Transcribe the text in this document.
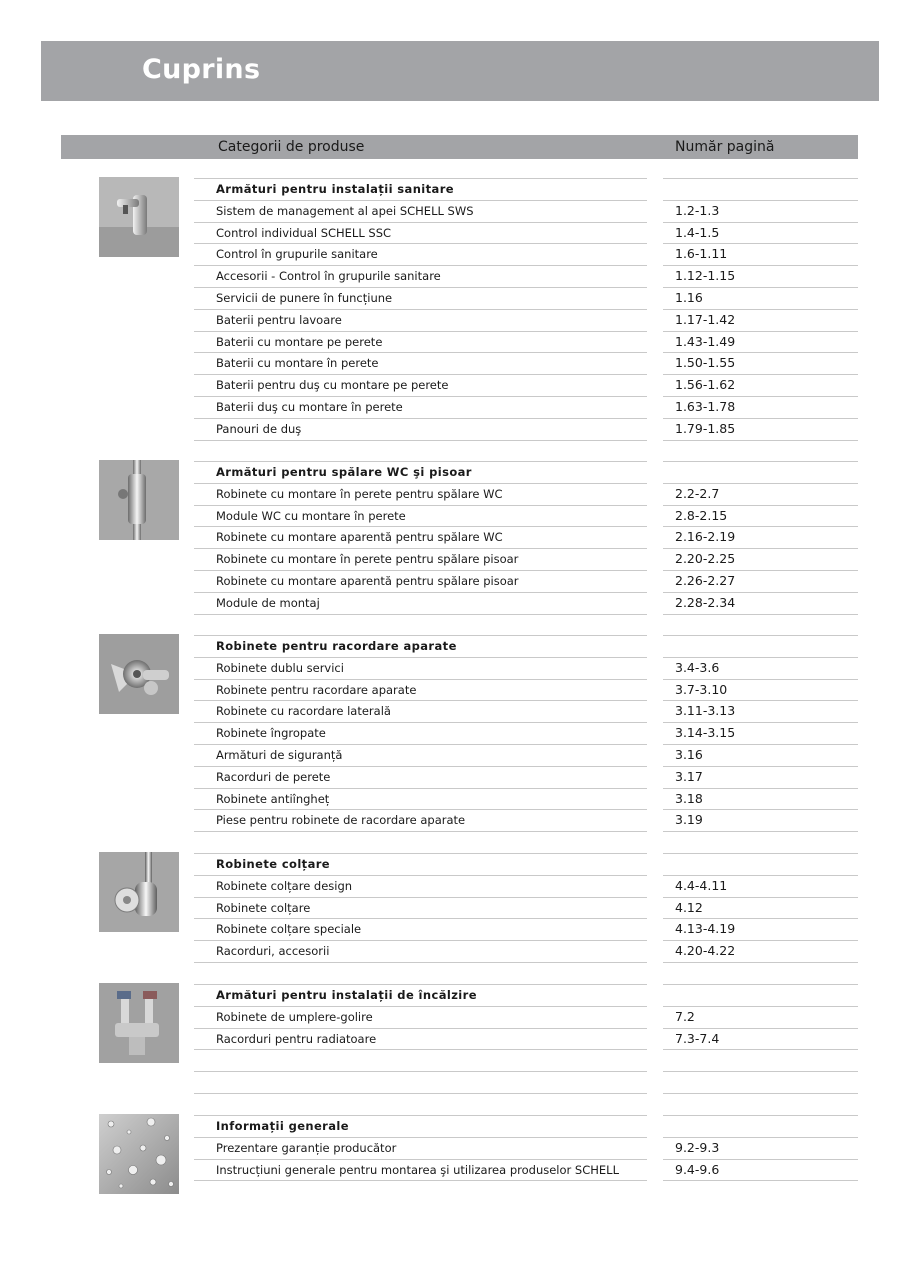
Cuprins
Categorii de produse	Număr pagină
Armături pentru instalații sanitare
Sistem de management al apei SCHELL SWS	1.2-1.3
Control individual SCHELL SSC	1.4-1.5
Control în grupurile sanitare	1.6-1.11
Accesorii - Control în grupurile sanitare	1.12-1.15
Servicii de punere în funcțiune	1.16
Baterii pentru lavoare	1.17-1.42
Baterii cu montare pe perete	1.43-1.49
Baterii cu montare în perete	1.50-1.55
Baterii pentru duş cu montare pe perete	1.56-1.62
Baterii duş cu montare în perete	1.63-1.78
Panouri de duş	1.79-1.85
Armături pentru spălare WC şi pisoar
Robinete cu montare în perete pentru spălare WC	2.2-2.7
Module WC cu montare în perete	2.8-2.15
Robinete cu montare aparentă pentru spălare WC	2.16-2.19
Robinete cu montare în perete pentru spălare pisoar	2.20-2.25
Robinete cu montare aparentă pentru spălare pisoar	2.26-2.27
Module de montaj	2.28-2.34
Robinete pentru racordare aparate
Robinete dublu servici	3.4-3.6
Robinete pentru racordare aparate	3.7-3.10
Robinete cu racordare laterală	3.11-3.13
Robinete îngropate	3.14-3.15
Armături de siguranță	3.16
Racorduri de perete	3.17
Robinete antiîngheț	3.18
Piese pentru robinete de racordare aparate	3.19
Robinete colțare
Robinete colțare design	4.4-4.11
Robinete colțare	4.12
Robinete colțare speciale	4.13-4.19
Racorduri, accesorii	4.20-4.22
Armături pentru instalații de încălzire
Robinete de umplere-golire	7.2
Racorduri pentru radiatoare	7.3-7.4
Informații generale
Prezentare garanție producător	9.2-9.3
Instrucțiuni generale pentru montarea şi utilizarea produselor SCHELL	9.4-9.6
